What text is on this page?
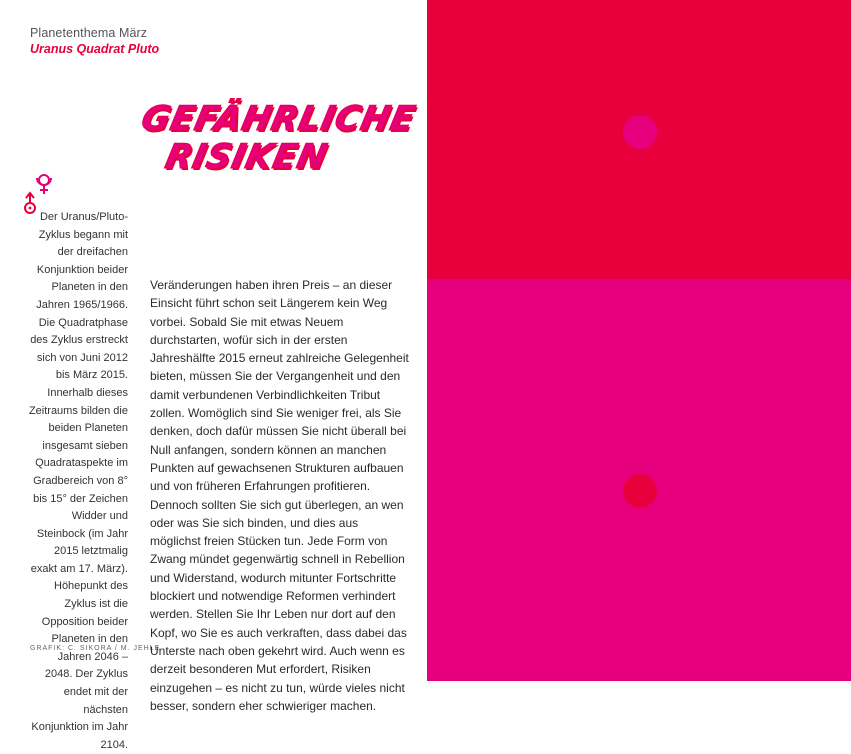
Planetenthema März
Uranus Quadrat Pluto
GEFÄHRLICHE
RISIKEN

Der Uranus/Pluto-Zyklus begann mit der dreifachen Konjunktion beider Planeten in den Jahren 1965/1966. Die Quadratphase des Zyklus erstreckt sich von Juni 2012 bis März 2015. Innerhalb dieses Zeitraums bilden die beiden Planeten insgesamt sieben Quadrataspekte im Gradbereich von 8° bis 15° der Zeichen Widder und Steinbock (im Jahr 2015 letztmalig exakt am 17. März). Höhepunkt des Zyklus ist die Opposition beider Planeten in den Jahren 2046 – 2048. Der Zyklus endet mit der nächsten Konjunktion im Jahr 2104.

GRAFIK: C. SIKORA / M. JEHLE

Veränderungen haben ihren Preis – an dieser Einsicht führt schon seit Längerem kein Weg vorbei. Sobald Sie mit etwas Neuem durchstarten, wofür sich in der ersten Jahreshälfte 2015 erneut zahlreiche Gelegenheit bieten, müssen Sie der Vergangenheit und den damit verbundenen Verbindlichkeiten Tribut zollen. Womöglich sind Sie weniger frei, als Sie denken, doch dafür müssen Sie nicht überall bei Null anfangen, sondern können an manchen Punkten auf gewachsenen Strukturen aufbauen und von früheren Erfahrungen profitieren. Dennoch sollten Sie sich gut überlegen, an wen oder was Sie sich binden, und dies aus möglichst freien Stücken tun. Jede Form von Zwang mündet gegenwärtig schnell in Rebellion und Widerstand, wodurch mitunter Fortschritte blockiert und notwendige Reformen verhindert werden. Stellen Sie Ihr Leben nur dort auf den Kopf, wo Sie es auch verkraften, dass dabei das Unterste nach oben gekehrt wird. Auch wenn es derzeit besonderen Mut erfordert, Risiken einzugehen – es nicht zu tun, würde vieles nicht besser, sondern eher schwieriger machen.
